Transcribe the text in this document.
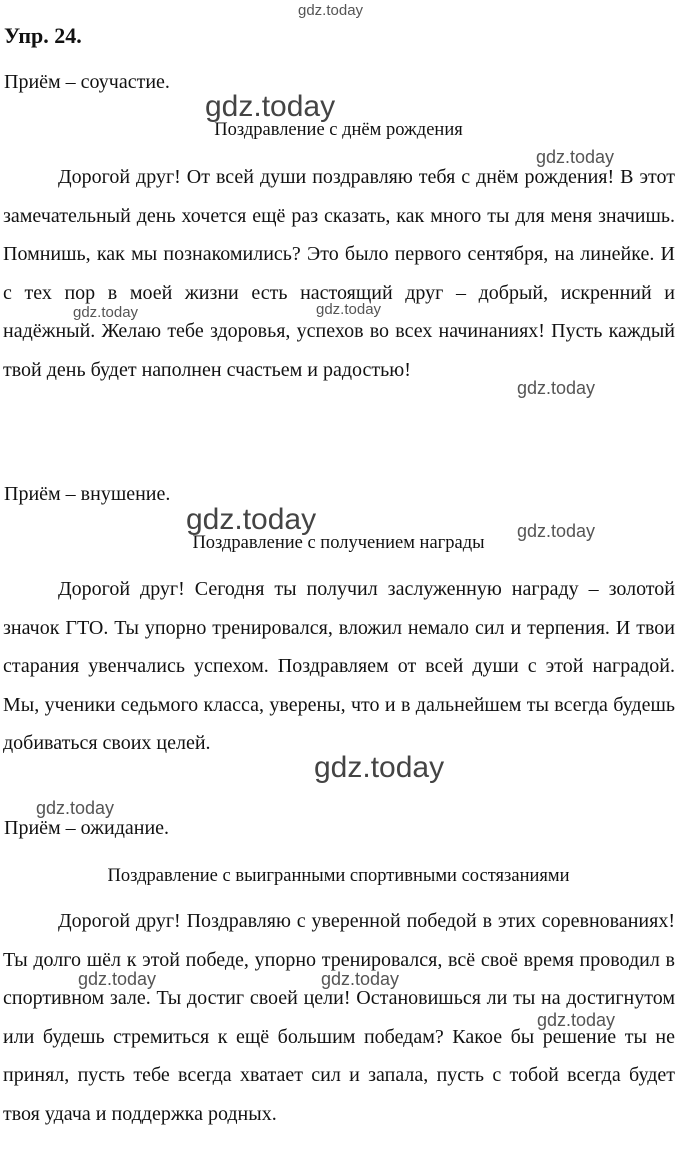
Упр. 24.

Приём – соучастие.

Поздравление с днём рождения

Дорогой друг! От всей души поздравляю тебя с днём рождения! В этот замечательный день хочется ещё раз сказать, как много ты для меня значишь. Помнишь, как мы познакомились? Это было первого сентября, на линейке. И с тех пор в моей жизни есть настоящий друг – добрый, искренний и надёжный. Желаю тебе здоровья, успехов во всех начинаниях! Пусть каждый твой день будет наполнен счастьем и радостью!

Приём – внушение.

Поздравление с получением награды

Дорогой друг! Сегодня ты получил заслуженную награду – золотой значок ГТО. Ты упорно тренировался, вложил немало сил и терпения. И твои старания увенчались успехом. Поздравляем от всей души с этой наградой. Мы, ученики седьмого класса, уверены, что и в дальнейшем ты всегда будешь добиваться своих целей.

Приём – ожидание.

Поздравление с выигранными спортивными состязаниями

Дорогой друг! Поздравляю с уверенной победой в этих соревнованиях! Ты долго шёл к этой победе, упорно тренировался, всё своё время проводил в спортивном зале. Ты достиг своей цели! Остановишься ли ты на достигнутом или будешь стремиться к ещё большим победам? Какое бы решение ты не принял, пусть тебе всегда хватает сил и запала, пусть с тобой всегда будет твоя удача и поддержка родных.

gdz.today
gdz.today
gdz.today
gdz.today	gdz.today
gdz.today
gdz.today	gdz.today
gdz.today
gdz.today
gdz.today	gdz.today
gdz.today
